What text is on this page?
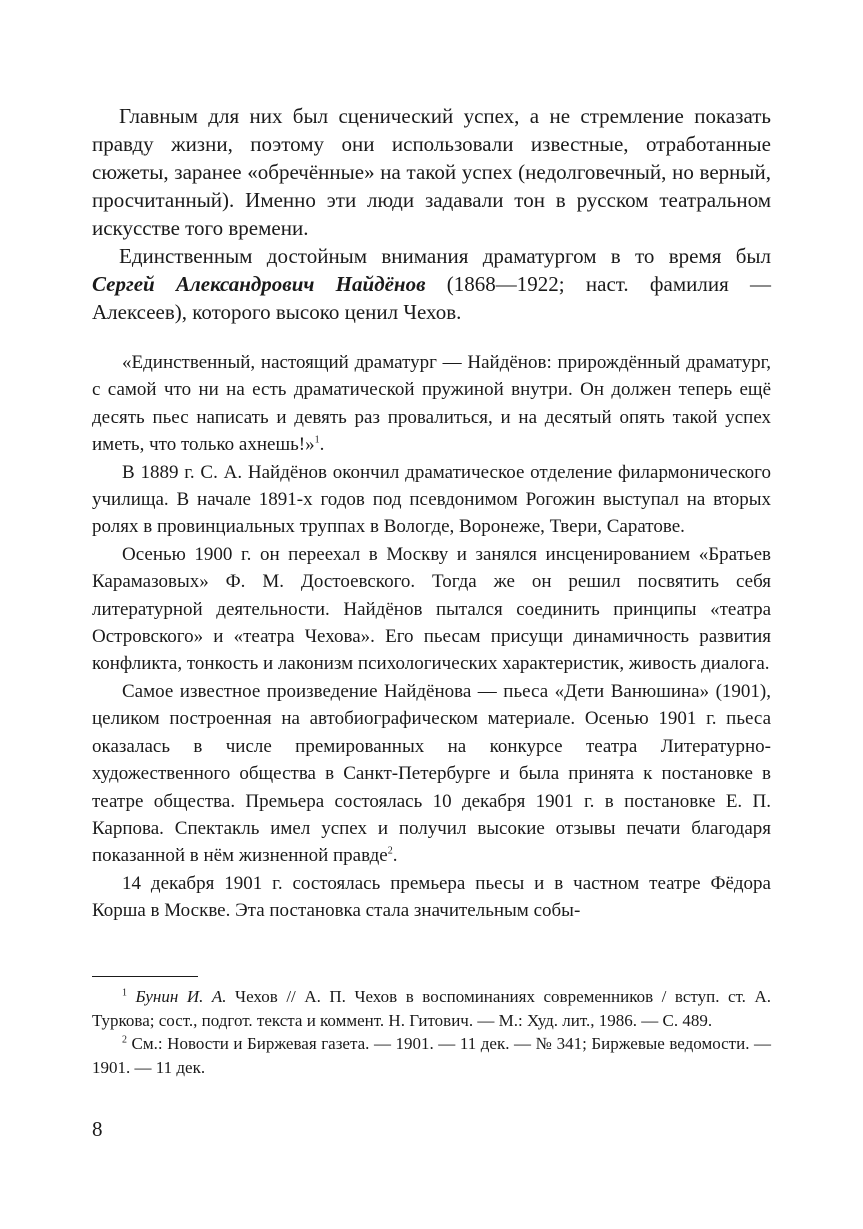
Главным для них был сценический успех, а не стремление показать правду жизни, поэтому они использовали известные, отработанные сюжеты, заранее «обречённые» на такой успех (недолговечный, но верный, просчитанный). Именно эти люди задавали тон в русском театральном искусстве того времени.

Единственным достойным внимания драматургом в то время был Сергей Александрович Найдёнов (1868—1922; наст. фамилия — Алексеев), которого высоко ценил Чехов.

«Единственный, настоящий драматург — Найдёнов: прирождённый драматург, с самой что ни на есть драматической пружиной внутри. Он должен теперь ещё десять пьес написать и девять раз провалиться, и на десятый опять такой успех иметь, что только ахнешь!»$^1$.

В 1889 г. С. А. Найдёнов окончил драматическое отделение филармонического училища. В начале 1891-х годов под псевдонимом Рогожин выступал на вторых ролях в провинциальных труппах в Вологде, Воронеже, Твери, Саратове.

Осенью 1900 г. он переехал в Москву и занялся инсценированием «Братьев Карамазовых» Ф. М. Достоевского. Тогда же он решил посвятить себя литературной деятельности. Найдёнов пытался соединить принципы «театра Островского» и «театра Чехова». Его пьесам присущи динамичность развития конфликта, тонкость и лаконизм психологических характеристик, живость диалога.

Самое известное произведение Найдёнова — пьеса «Дети Ванюшина» (1901), целиком построенная на автобиографическом материале. Осенью 1901 г. пьеса оказалась в числе премированных на конкурсе театра Литературно-художественного общества в Санкт-Петербурге и была принята к постановке в театре общества. Премьера состоялась 10 декабря 1901 г. в постановке Е. П. Карпова. Спектакль имел успех и получил высокие отзывы печати благодаря показанной в нём жизненной правде$^2$.

14 декабря 1901 г. состоялась премьера пьесы и в частном театре Фёдора Корша в Москве. Эта постановка стала значительным собы-

$^1$ Бунин И. А. Чехов // А. П. Чехов в воспоминаниях современников / вступ. ст. А. Туркова; сост., подгот. текста и коммент. Н. Гитович. — М.: Худ. лит., 1986. — С. 489.

$^2$ См.: Новости и Биржевая газета. — 1901. — 11 дек. — № 341; Биржевые ведомости. — 1901. — 11 дек.

8
